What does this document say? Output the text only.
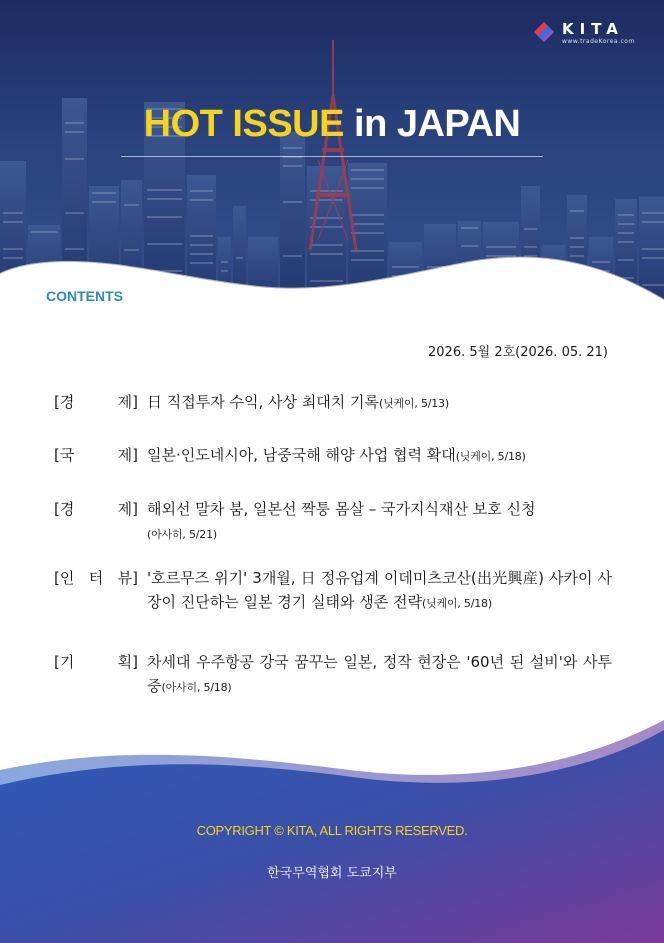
KITA
www.tradeKorea.com
HOT ISSUE in JAPAN
CONTENTS
2026. 5월 2호(2026. 05. 21)
[경	제] 日 직접투자 수익, 사상 최대치 기록(닛케이, 5/13)
[국	제] 일본·인도네시아, 남중국해 해양 사업 협력 확대(닛케이, 5/18)
[경	제] 해외선 말차 붐, 일본선 짝퉁 몸살 – 국가지식재산 보호 신청
(아사히, 5/21)
[인 터 뷰] '호르무즈 위기' 3개월, 日 정유업계 이데미츠코산(出光興産) 사카이 사장이 진단하는 일본 경기 실태와 생존 전략(닛케이, 5/18)
[기	획] 차세대 우주항공 강국 꿈꾸는 일본, 정작 현장은 '60년 된 설비'와 사투 중(아사히, 5/18)
COPYRIGHT © KITA, ALL RIGHTS RESERVED.
한국무역협회 도쿄지부
